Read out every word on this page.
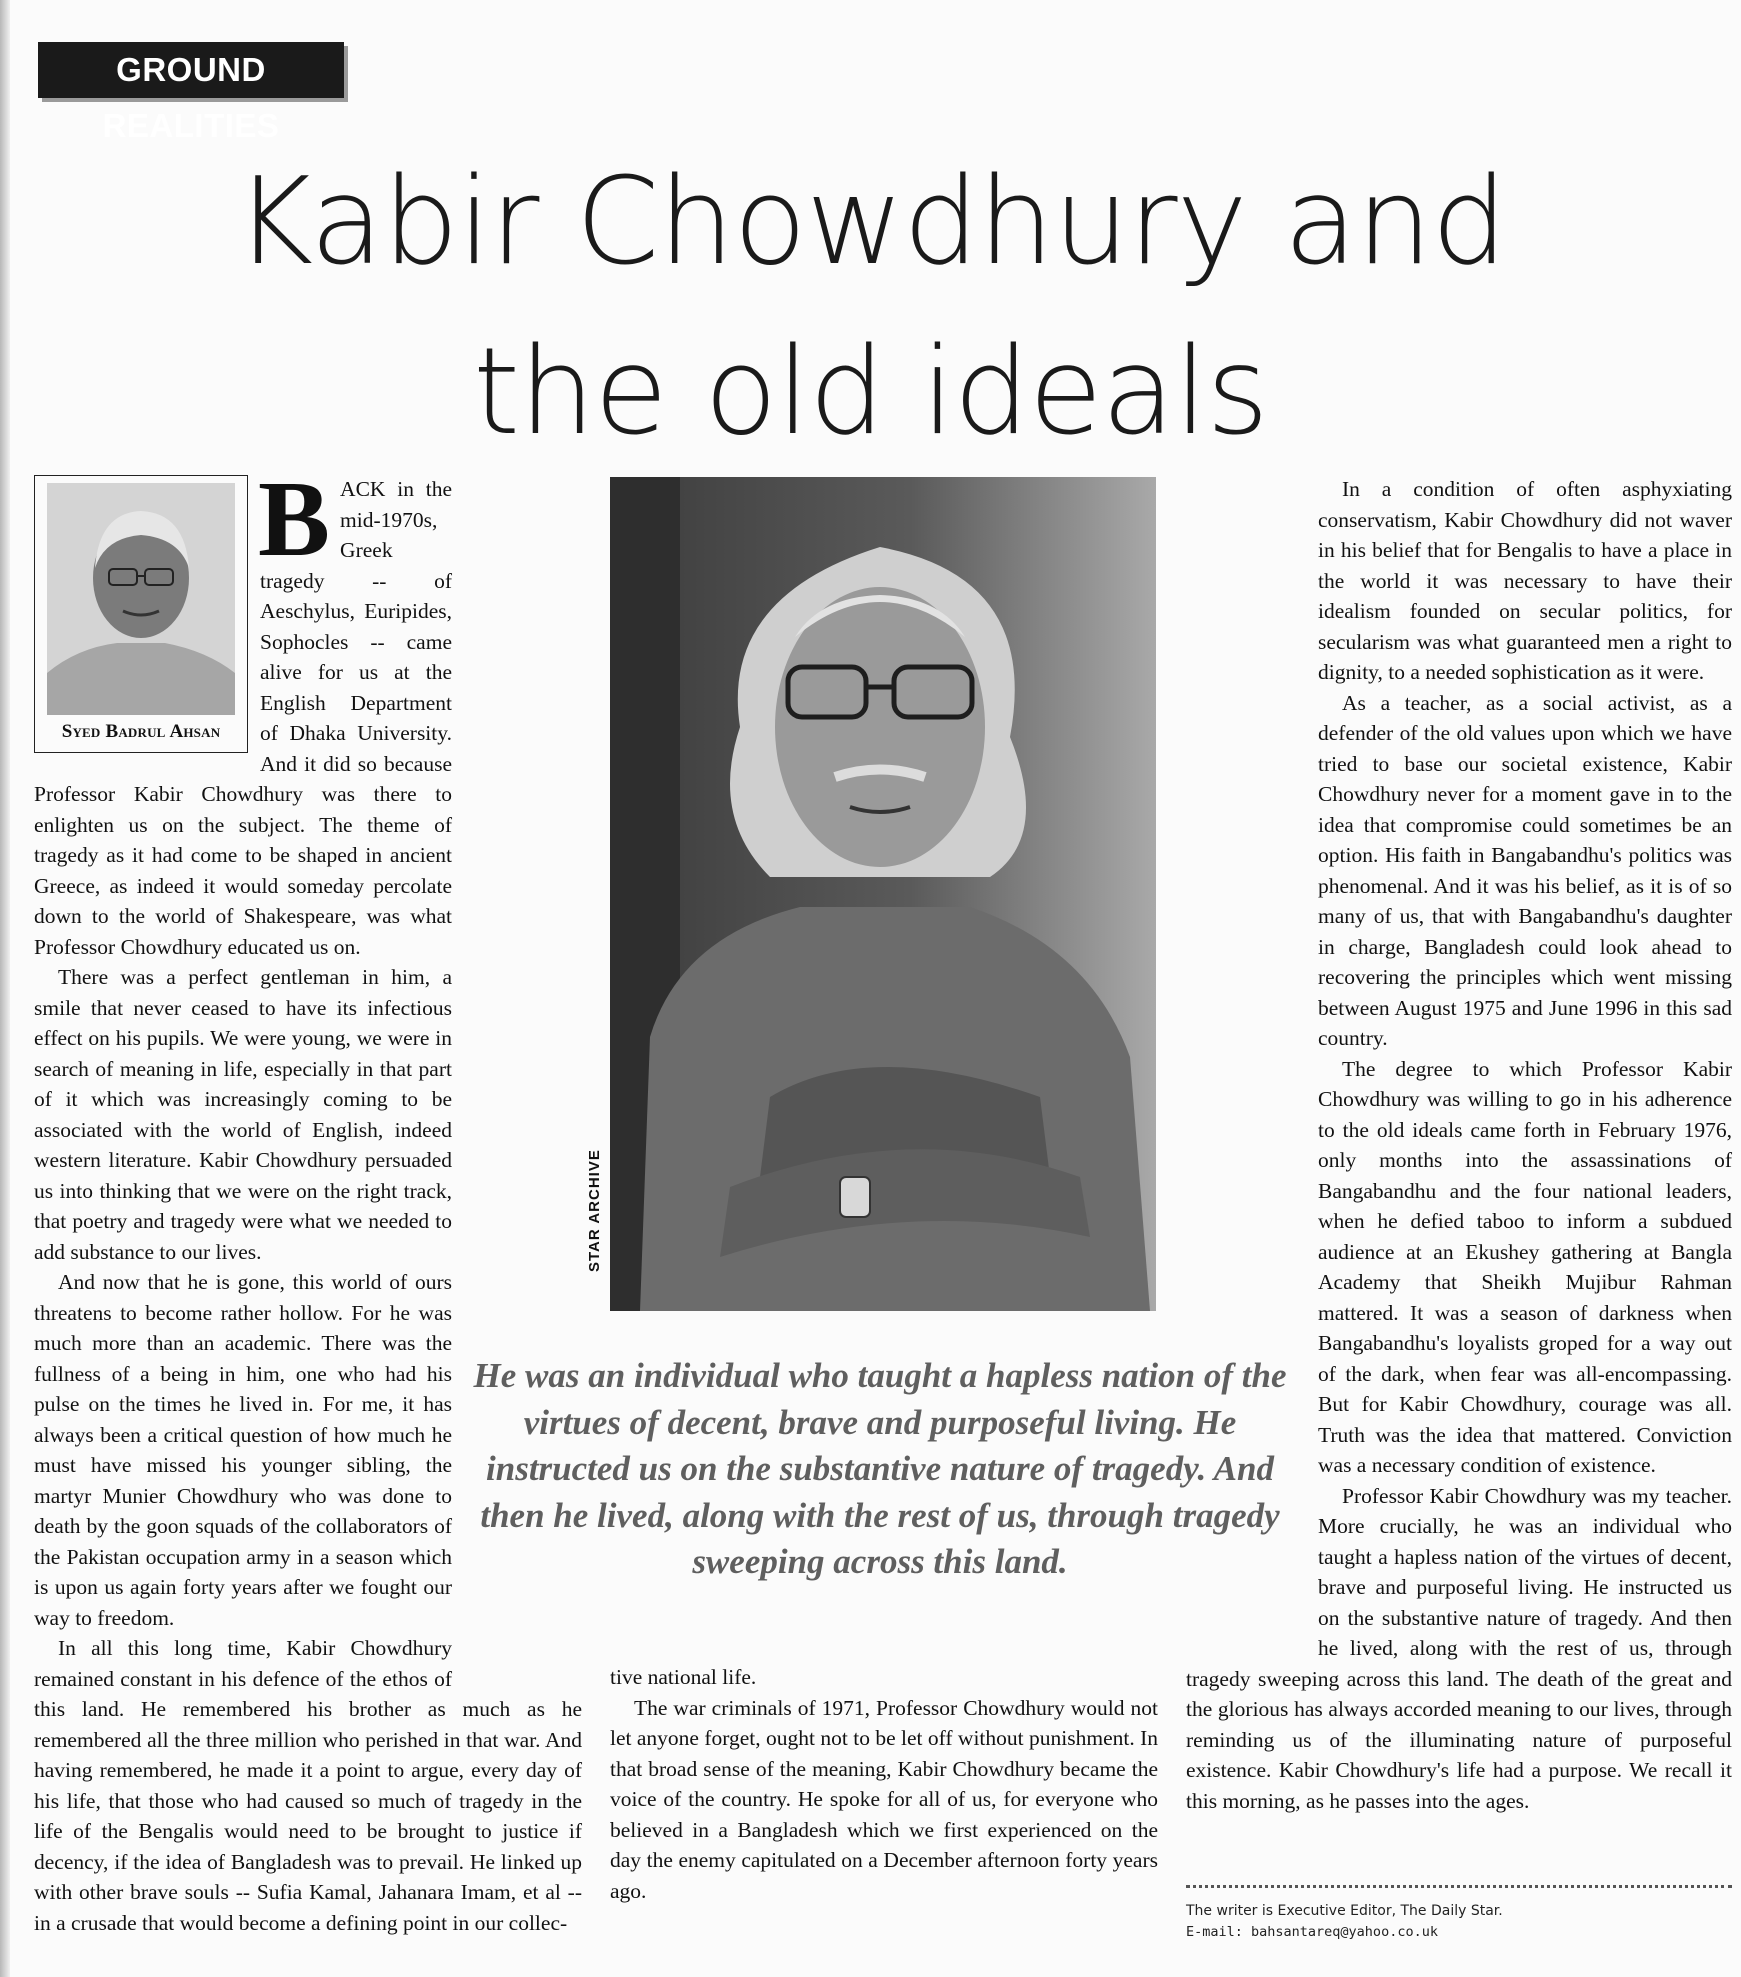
GROUND REALITIES
Kabir Chowdhury and
the old ideals

BACK in the mid-1970s, Greek tragedy -- of Aeschylus, Euripides, Sophocles -- came alive for us at the English Department of Dhaka University. And it did so because Professor Kabir Chowdhury was there to enlighten us on the subject. The theme of tragedy as it had come to be shaped in ancient Greece, as indeed it would someday percolate down to the world of Shakespeare, was what Professor Chowdhury educated us on.

There was a perfect gentleman in him, a smile that never ceased to have its infectious effect on his pupils. We were young, we were in search of meaning in life, especially in that part of it which was increasingly coming to be associated with the world of English, indeed western literature. Kabir Chowdhury persuaded us into thinking that we were on the right track, that poetry and tragedy were what we needed to add substance to our lives.

And now that he is gone, this world of ours threatens to become rather hollow. For he was much more than an academic. There was the fullness of a being in him, one who had his pulse on the times he lived in. For me, it has always been a critical question of how much he must have missed his younger sibling, the martyr Munier Chowdhury who was done to death by the goon squads of the collaborators of the Pakistan occupation army in a season which is upon us again forty years after we fought our way to freedom.

In all this long time, Kabir Chowdhury remained constant in his defence of the ethos of this land. He remembered his brother as much as he remembered all the three million who perished in that war. And having remembered, he made it a point to argue, every day of his life, that those who had caused so much of tragedy in the life of the Bengalis would need to be brought to justice if decency, if the idea of Bangladesh was to prevail. He linked up with other brave souls -- Sufia Kamal, Jahanara Imam, et al -- in a crusade that would become a defining point in our collec-

Syed Badrul Ahsan
STAR ARCHIVE

He was an individual who taught a hapless nation of the virtues of decent, brave and purposeful living. He instructed us on the substantive nature of tragedy. And then he lived, along with the rest of us, through tragedy sweeping across this land.

tive national life.

The war criminals of 1971, Professor Chowdhury would not let anyone forget, ought not to be let off without punishment. In that broad sense of the meaning, Kabir Chowdhury became the voice of the country. He spoke for all of us, for everyone who believed in a Bangladesh which we first experienced on the day the enemy capitulated on a December afternoon forty years ago.

In a condition of often asphyxiating conservatism, Kabir Chowdhury did not waver in his belief that for Bengalis to have a place in the world it was necessary to have their idealism founded on secular politics, for secularism was what guaranteed men a right to dignity, to a needed sophistication as it were.

As a teacher, as a social activist, as a defender of the old values upon which we have tried to base our societal existence, Kabir Chowdhury never for a moment gave in to the idea that compromise could sometimes be an option. His faith in Bangabandhu's politics was phenomenal. And it was his belief, as it is of so many of us, that with Bangabandhu's daughter in charge, Bangladesh could look ahead to recovering the principles which went missing between August 1975 and June 1996 in this sad country.

The degree to which Professor Kabir Chowdhury was willing to go in his adherence to the old ideals came forth in February 1976, only months into the assassinations of Bangabandhu and the four national leaders, when he defied taboo to inform a subdued audience at an Ekushey gathering at Bangla Academy that Sheikh Mujibur Rahman mattered. It was a season of darkness when Bangabandhu's loyalists groped for a way out of the dark, when fear was all-encompassing. But for Kabir Chowdhury, courage was all. Truth was the idea that mattered. Conviction was a necessary condition of existence.

Professor Kabir Chowdhury was my teacher. More crucially, he was an individual who taught a hapless nation of the virtues of decent, brave and purposeful living. He instructed us on the substantive nature of tragedy. And then he lived, along with the rest of us, through tragedy sweeping across this land. The death of the great and the glorious has always accorded meaning to our lives, through reminding us of the illuminating nature of purposeful existence. Kabir Chowdhury's life had a purpose. We recall it this morning, as he passes into the ages.

The writer is Executive Editor, The Daily Star.
E-mail: bahsantareq@yahoo.co.uk
